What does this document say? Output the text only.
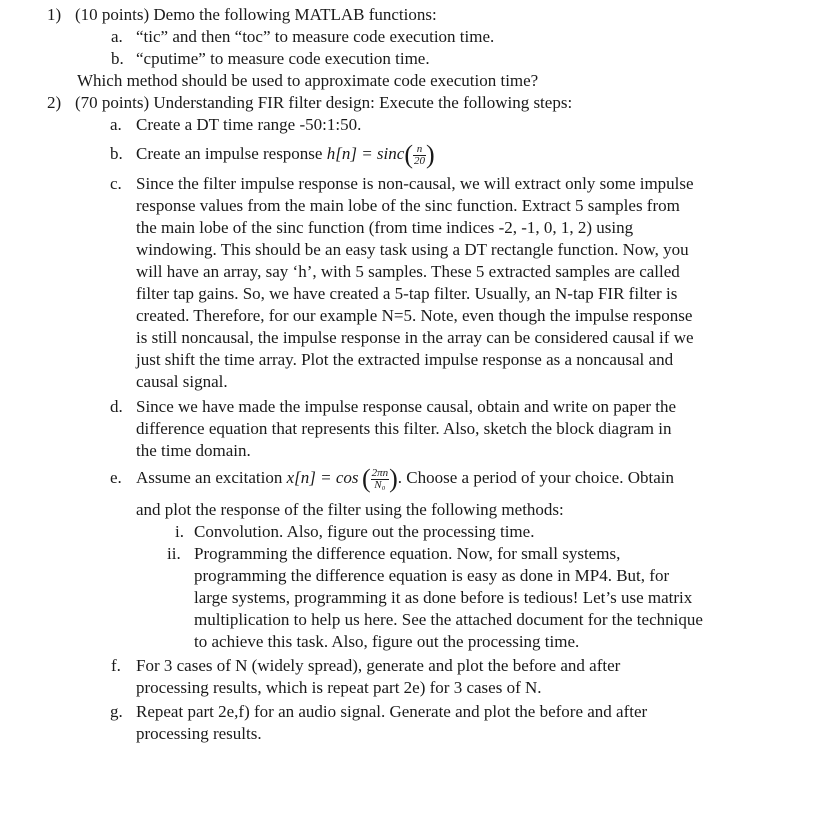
1) (10 points) Demo the following MATLAB functions:
a. “tic” and then “toc” to measure code execution time.
b. “cputime” to measure code execution time.
Which method should be used to approximate code execution time?
2) (70 points) Understanding FIR filter design: Execute the following steps:
a. Create a DT time range -50:1:50.
b. Create an impulse response $h[n] = \sin c( \frac{n}{20}$ )
c. Since the filter impulse response is non-causal, we will extract only some impulse
response values from the main lobe of the sinc function. Extract 5 samples from
the main lobe of the sinc function (from time indices -2, -1, 0, 1, 2) using
windowing. This should be an easy task using a DT rectangle function. Now, you
will have an array, say ‘h’, with 5 samples. These 5 extracted samples are called
filter tap gains. So, we have created a 5-tap filter. Usually, an N-tap FIR filter is
created. Therefore, for our example N=5. Note, even though the impulse response
is still noncausal, the impulse response in the array can be considered causal if we
just shift the time array. Plot the extracted impulse response as a noncausal and
causal signal.
d. Since we have made the impulse response causal, obtain and write on paper the
difference equation that represents this filter. Also, sketch the block diagram in
the time domain.
e. Assume an excitation x[n] = cos  ( $\frac{2\pi n}{\text{N₀}}$ ). Choose a period of your choice. Obtain
and plot the response of the filter using the following methods:
i. Convolution. Also, figure out the processing time.
ii. Programming the difference equation. Now, for small systems,
programming the difference equation is easy as done in MP4. But, for
large systems, programming it as done before is tedious! Let’s use matrix
multiplication to help us here. See the attached document for the technique
to achieve this task. Also, figure out the processing time.
f. For 3 cases of N (widely spread), generate and plot the before and after
processing results, which is repeat part 2e) for 3 cases of N.
g. Repeat part 2e,f) for an audio signal. Generate and plot the before and after
processing results.
